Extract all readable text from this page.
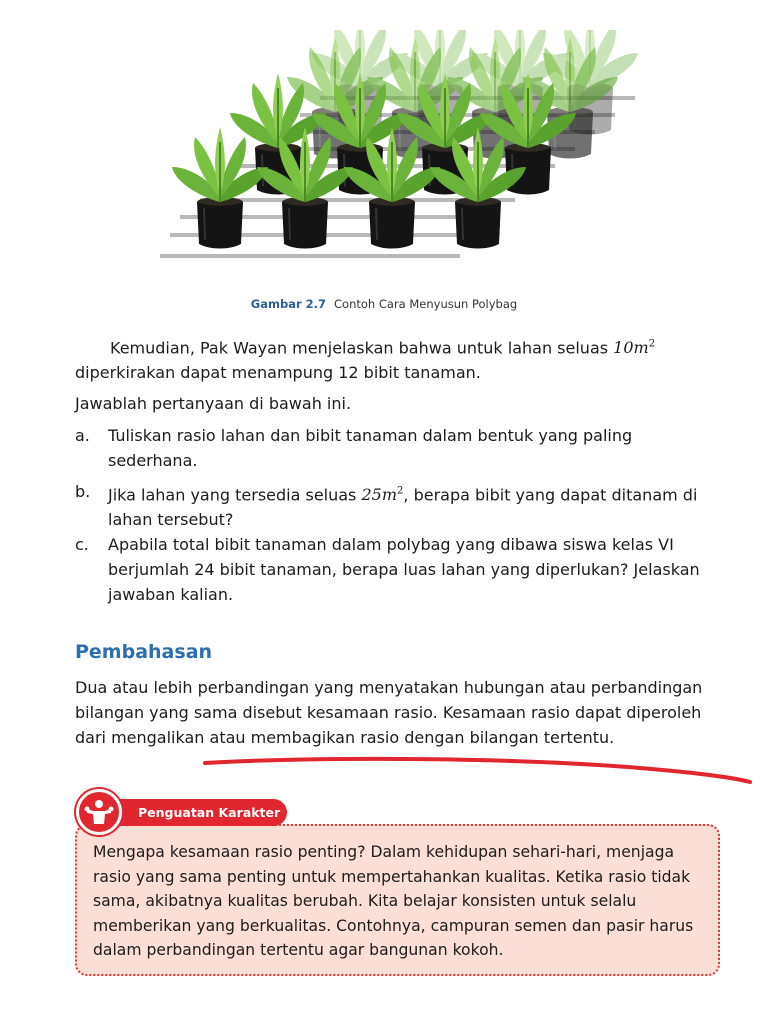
Gambar 2.7 Contoh Cara Menyusun Polybag

Kemudian, Pak Wayan menjelaskan bahwa untuk lahan seluas $10m^2$ diperkirakan dapat menampung 12 bibit tanaman.

Jawablah pertanyaan di bawah ini.

a. Tuliskan rasio lahan dan bibit tanaman dalam bentuk yang paling sederhana.
b. Jika lahan yang tersedia seluas $25m^2$, berapa bibit yang dapat ditanam di lahan tersebut?
c. Apabila total bibit tanaman dalam polybag yang dibawa siswa kelas VI berjumlah 24 bibit tanaman, berapa luas lahan yang diperlukan? Jelaskan jawaban kalian.
Pembahasan

Dua atau lebih perbandingan yang menyatakan hubungan atau perbandingan bilangan yang sama disebut kesamaan rasio. Kesamaan rasio dapat diperoleh dari mengalikan atau membagikan rasio dengan bilangan tertentu.

Mengapa kesamaan rasio penting? Dalam kehidupan sehari-hari, menjaga rasio yang sama penting untuk mempertahankan kualitas. Ketika rasio tidak sama, akibatnya kualitas berubah. Kita belajar konsisten untuk selalu memberikan yang berkualitas. Contohnya, campuran semen dan pasir harus dalam perbandingan tertentu agar bangunan kokoh.

Penguatan Karakter
